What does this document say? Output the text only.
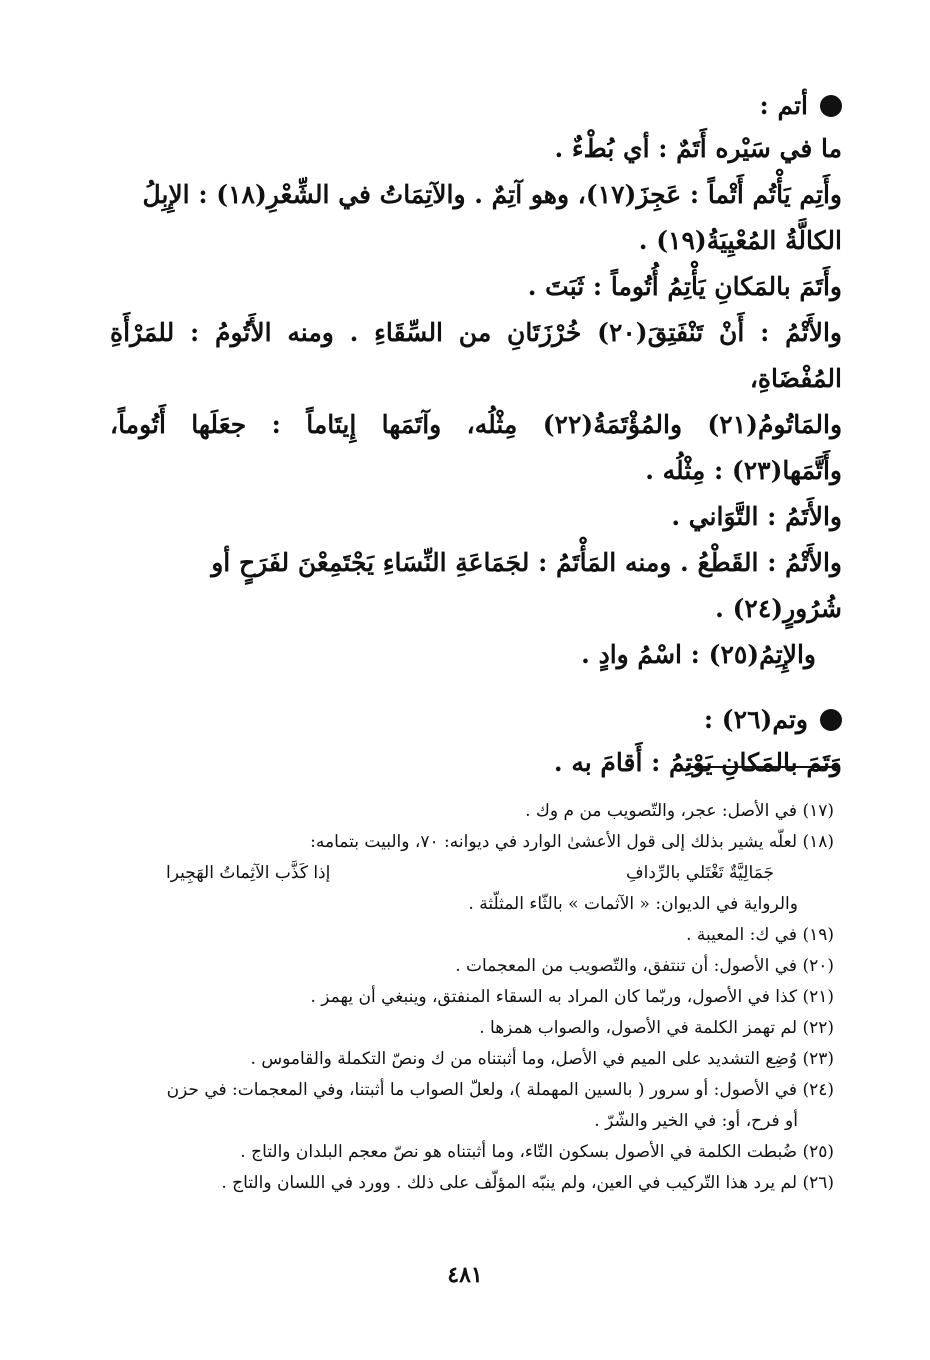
أتم :

ما في سَيْره أَتَمٌ : أي بُطْءٌ .

وأَتِم يَأْتُم أَتْماً : عَجِزَ(١٧)، وهو آتِمٌ . والآتِمَاتُ في الشِّعْرِ(١٨) : الإِبِلُ

الكالَّةُ المُعْيِيَةُ(١٩) .

وأَتَمَ بالمَكانِ يَأْتِمُ أُتُوماً : ثَبَتَ .

والأَتْمُ : أَنْ تَنْفَتِقَ(٢٠) خُرْزَتَانِ من السِّقَاءِ . ومنه الأَتُومُ : للمَرْأَةِ المُفْضَاةِ،

والمَاتُومُ(٢١) والمُؤْتَمَةُ(٢٢) مِثْلُه، وآتَمَها إِيتَاماً : جعَلَها أَتُوماً، وأَتَّمَها(٢٣) : مِثْلُه .

والأَتَمُ : التَّوَاني .

والأَتْمُ : القَطْعُ . ومنه المَأْتَمُ : لجَمَاعَةِ النِّسَاءِ يَجْتَمِعْنَ لفَرَحٍ أو

شُرُورٍ(٢٤) .

والإِتِمُ(٢٥) : اسْمُ وادٍ .

وتم(٢٦) :

وَتَمَ بالمَكانِ يَوْتِمُ : أَقامَ به .

(١٧) في الأصل: عجر، والتّصويب من م وك .

(١٨) لعلّه يشير بذلك إلى قول الأعشىٰ الوارد في ديوانه: ٧٠، والبيت بتمامه:

جَمَالِيَّةٌ تَغْتَلي بالرِّدافِ
إذا كَذَّب الآثِماتُ الهَجِيرا

والرواية في الديوان: « الآثمات » بالثّاء المثلّثة .

(١٩) في ك: المعيبة .

(٢٠) في الأصول: أن تنتفق، والتّصويب من المعجمات .

(٢١) كذا في الأصول، وربّما كان المراد به السقاء المنفتق، وينبغي أن يهمز .

(٢٢) لم تهمز الكلمة في الأصول، والصواب همزها .

(٢٣) وُضِع التشديد على الميم في الأصل، وما أثبتناه من ك ونصّ التكملة والقاموس .

(٢٤) في الأصول: أو سرور ( بالسين المهملة )، ولعلّ الصواب ما أثبتنا، وفي المعجمات: في حزن

أو فرح، أو: في الخير والشّرّ .

(٢٥) ضُبطت الكلمة في الأصول بسكون التّاء، وما أثبتناه هو نصّ معجم البلدان والتاج .

(٢٦) لم يرد هذا التّركيب في العين، ولم ينبّه المؤلّف على ذلك . وورد في اللسان والتاج .

٤٨١
